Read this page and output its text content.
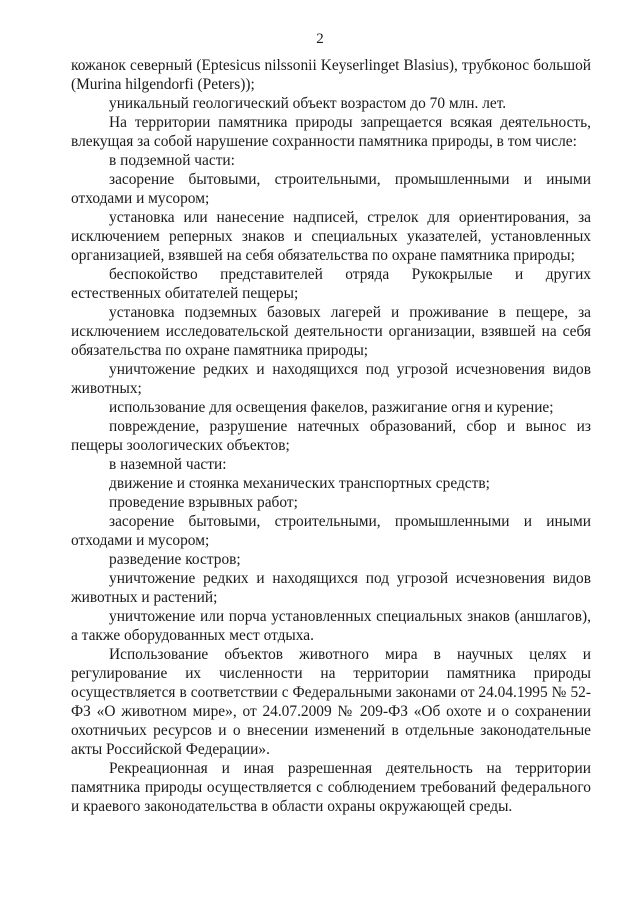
2

кожанок северный (Eptesicus nilssonii Keyserlinget Blasius), трубконос большой (Murina hilgendorfi (Peters));

уникальный геологический объект возрастом до 70 млн. лет.

На территории памятника природы запрещается всякая деятельность, влекущая за собой нарушение сохранности памятника природы, в том числе:

в подземной части:

засорение бытовыми, строительными, промышленными и иными отходами и мусором;

установка или нанесение надписей, стрелок для ориентирования, за исключением реперных знаков и специальных указателей, установленных организацией, взявшей на себя обязательства по охране памятника природы;

беспокойство представителей отряда Рукокрылые и других естественных обитателей пещеры;

установка подземных базовых лагерей и проживание в пещере, за исключением исследовательской деятельности организации, взявшей на себя обязательства по охране памятника природы;

уничтожение редких и находящихся под угрозой исчезновения видов животных;

использование для освещения факелов, разжигание огня и курение;

повреждение, разрушение натечных образований, сбор и вынос из пещеры зоологических объектов;

в наземной части:

движение и стоянка механических транспортных средств;

проведение взрывных работ;

засорение бытовыми, строительными, промышленными и иными отходами и мусором;

разведение костров;

уничтожение редких и находящихся под угрозой исчезновения видов животных и растений;

уничтожение или порча установленных специальных знаков (аншлагов), а также оборудованных мест отдыха.

Использование объектов животного мира в научных целях и регулирование их численности на территории памятника природы осуществляется в соответствии с Федеральными законами от 24.04.1995 № 52-ФЗ «О животном мире», от 24.07.2009 № 209-ФЗ «Об охоте и о сохранении охотничьих ресурсов и о внесении изменений в отдельные законодательные акты Российской Федерации».

Рекреационная и иная разрешенная деятельность на территории памятника природы осуществляется с соблюдением требований федерального и краевого законодательства в области охраны окружающей среды.
